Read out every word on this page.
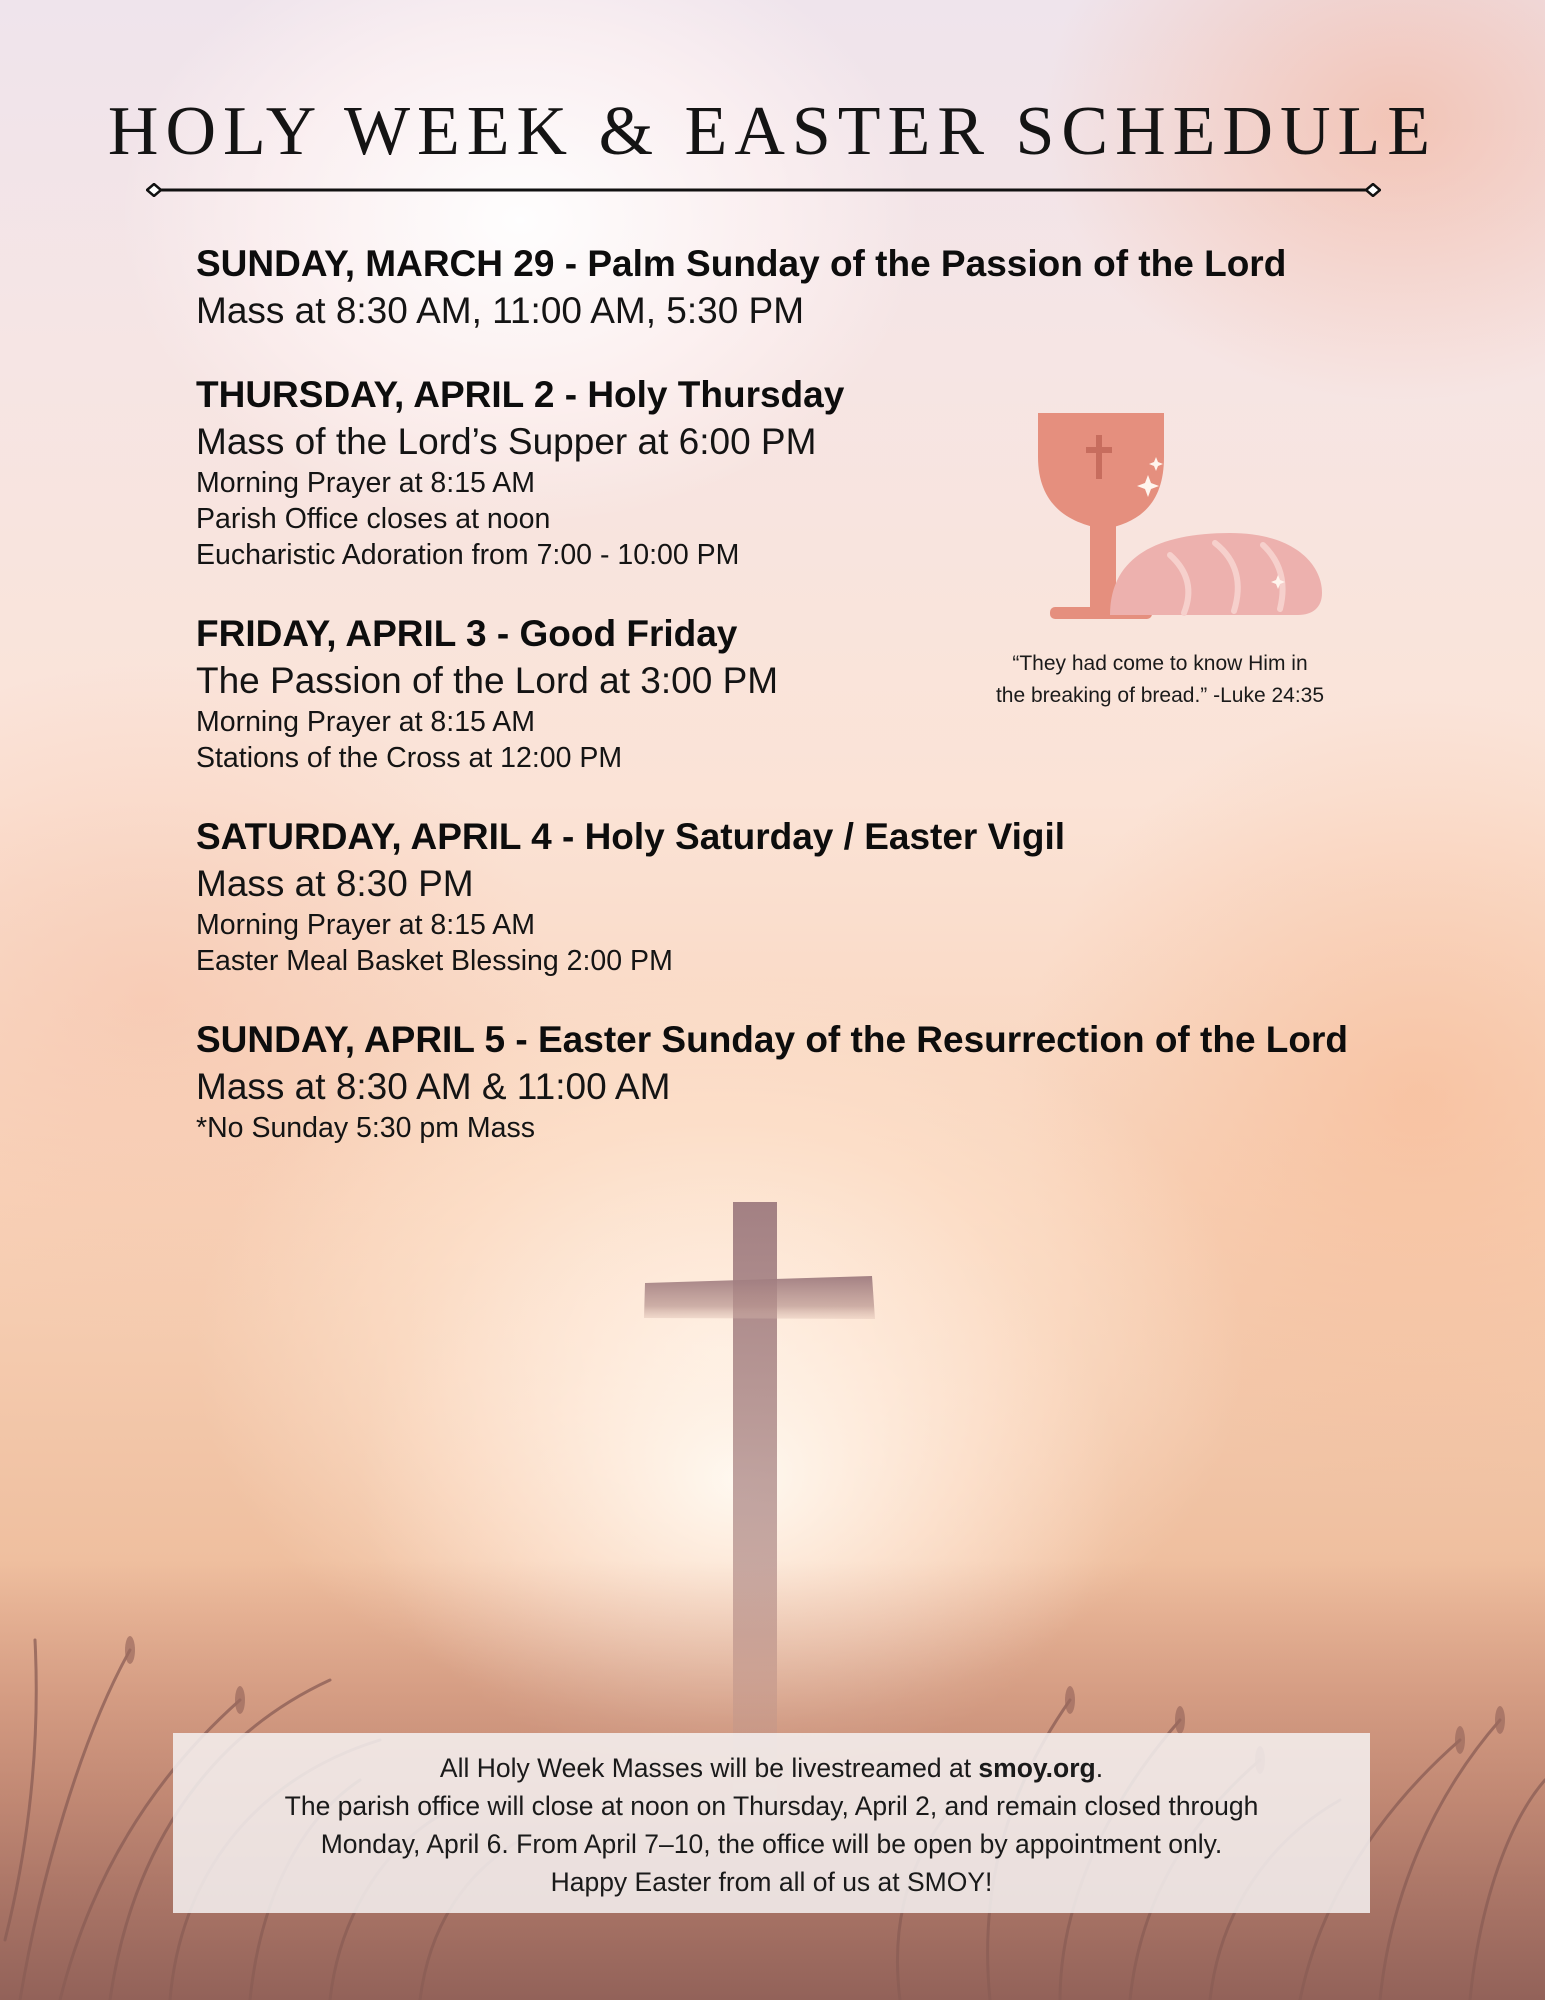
HOLY WEEK & EASTER SCHEDULE
SUNDAY, MARCH 29 - Palm Sunday of the Passion of the Lord
Mass at 8:30 AM, 11:00 AM, 5:30 PM
THURSDAY, APRIL 2 - Holy Thursday
Mass of the Lord’s Supper at 6:00 PM
Morning Prayer at 8:15 AM
Parish Office closes at noon
Eucharistic Adoration from 7:00 - 10:00 PM
FRIDAY, APRIL 3 - Good Friday
The Passion of the Lord at 3:00 PM
Morning Prayer at 8:15 AM
Stations of the Cross at 12:00 PM
SATURDAY, APRIL 4 - Holy Saturday / Easter Vigil
Mass at 8:30 PM
Morning Prayer at 8:15 AM
Easter Meal Basket Blessing 2:00 PM
SUNDAY, APRIL 5 - Easter Sunday of the Resurrection of the Lord
Mass at 8:30 AM & 11:00 AM
*No Sunday 5:30 pm Mass
“They had come to know Him in
the breaking of bread.” -Luke 24:35
All Holy Week Masses will be livestreamed at smoy.org.
The parish office will close at noon on Thursday, April 2, and remain closed through
Monday, April 6. From April 7–10, the office will be open by appointment only.
Happy Easter from all of us at SMOY!
